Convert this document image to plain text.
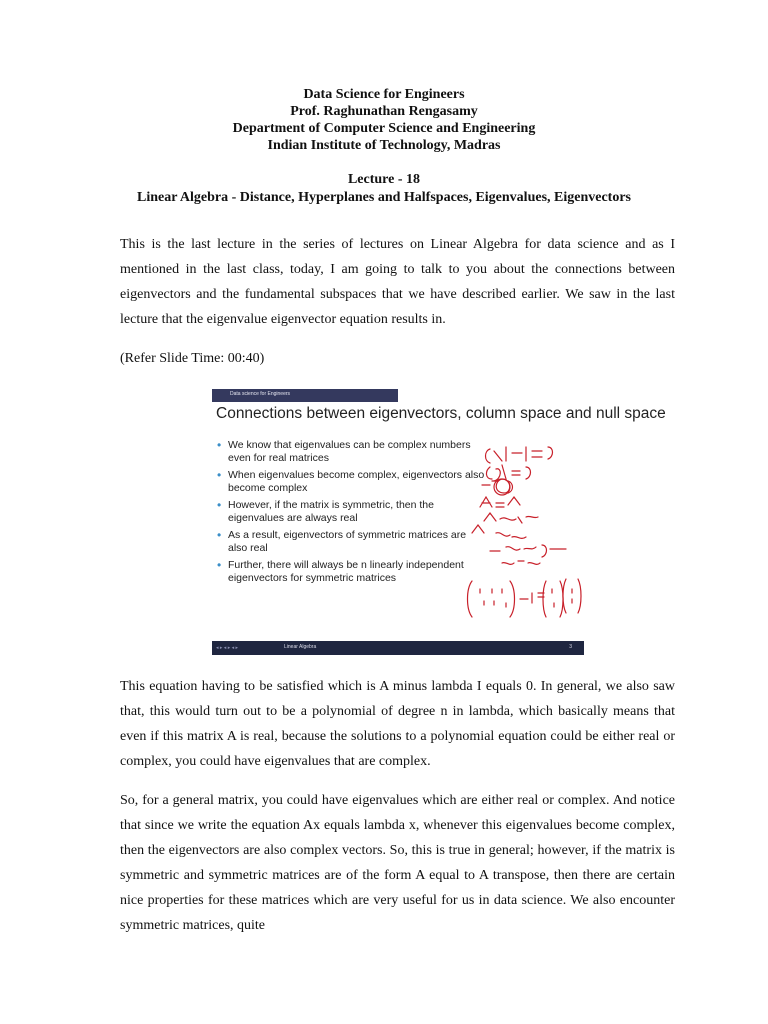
Data Science for Engineers
Prof. Raghunathan Rengasamy
Department of Computer Science and Engineering
Indian Institute of Technology, Madras
Lecture - 18
Linear Algebra - Distance, Hyperplanes and Halfspaces, Eigenvalues, Eigenvectors
This is the last lecture in the series of lectures on Linear Algebra for data science and as I mentioned in the last class, today, I am going to talk to you about the connections between eigenvectors and the fundamental subspaces that we have described earlier. We saw in the last lecture that the eigenvalue eigenvector equation results in.
(Refer Slide Time: 00:40)
Data science for Engineers
Connections between eigenvectors, column space and null space
• We know that eigenvalues can be complex numbers even for real matrices
• When eigenvalues become complex, eigenvectors also become complex
• However, if the matrix is symmetric, then the eigenvalues are always real
• As a result, eigenvectors of symmetric matrices are also real
• Further, there will always be n linearly independent eigenvectors for symmetric matrices
◂ ▸ ◂ ▸ ◂ ▸	Linear Algebra	3
This equation having to be satisfied which is A minus lambda I equals 0. In general, we also saw that, this would turn out to be a polynomial of degree n in lambda, which basically means that even if this matrix A is real, because the solutions to a polynomial equation could be either real or complex, you could have eigenvalues that are complex.
So, for a general matrix, you could have eigenvalues which are either real or complex. And notice that since we write the equation Ax equals lambda x, whenever this eigenvalues become complex, then the eigenvectors are also complex vectors. So, this is true in general; however, if the matrix is symmetric and symmetric matrices are of the form A equal to A transpose, then there are certain nice properties for these matrices which are very useful for us in data science. We also encounter symmetric matrices, quite
